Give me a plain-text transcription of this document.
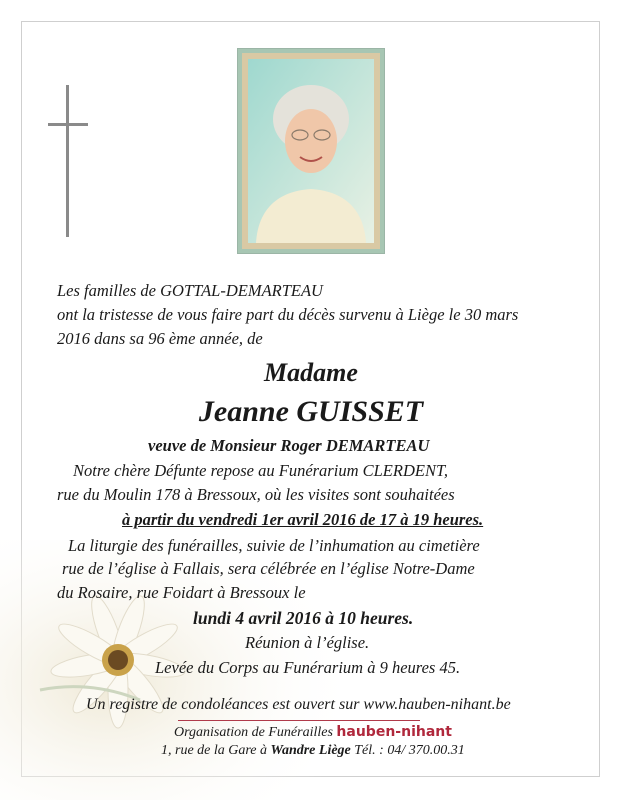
Les familles de GOTTAL-DEMARTEAU
ont la tristesse de vous faire part du décès survenu à Liège le 30 mars
2016 dans sa 96 ème année, de
Madame
Jeanne GUISSET
veuve de Monsieur Roger DEMARTEAU
Notre chère Défunte repose au Funérarium CLERDENT,
rue du Moulin 178 à Bressoux, où les visites sont souhaitées
à partir du vendredi 1er avril 2016 de 17 à 19 heures.
La liturgie des funérailles, suivie de l’inhumation au cimetière
rue de l’église à Fallais, sera célébrée en l’église Notre-Dame
du Rosaire, rue Foidart à Bressoux le
lundi 4 avril 2016 à 10 heures.
Réunion à l’église.
Levée du Corps au Funérarium à 9 heures 45.
Un registre de condoléances est ouvert sur www.hauben-nihant.be
Organisation de Funérailles hauben-nihant
1, rue de la Gare à Wandre Liège Tél. : 04/ 370.00.31
